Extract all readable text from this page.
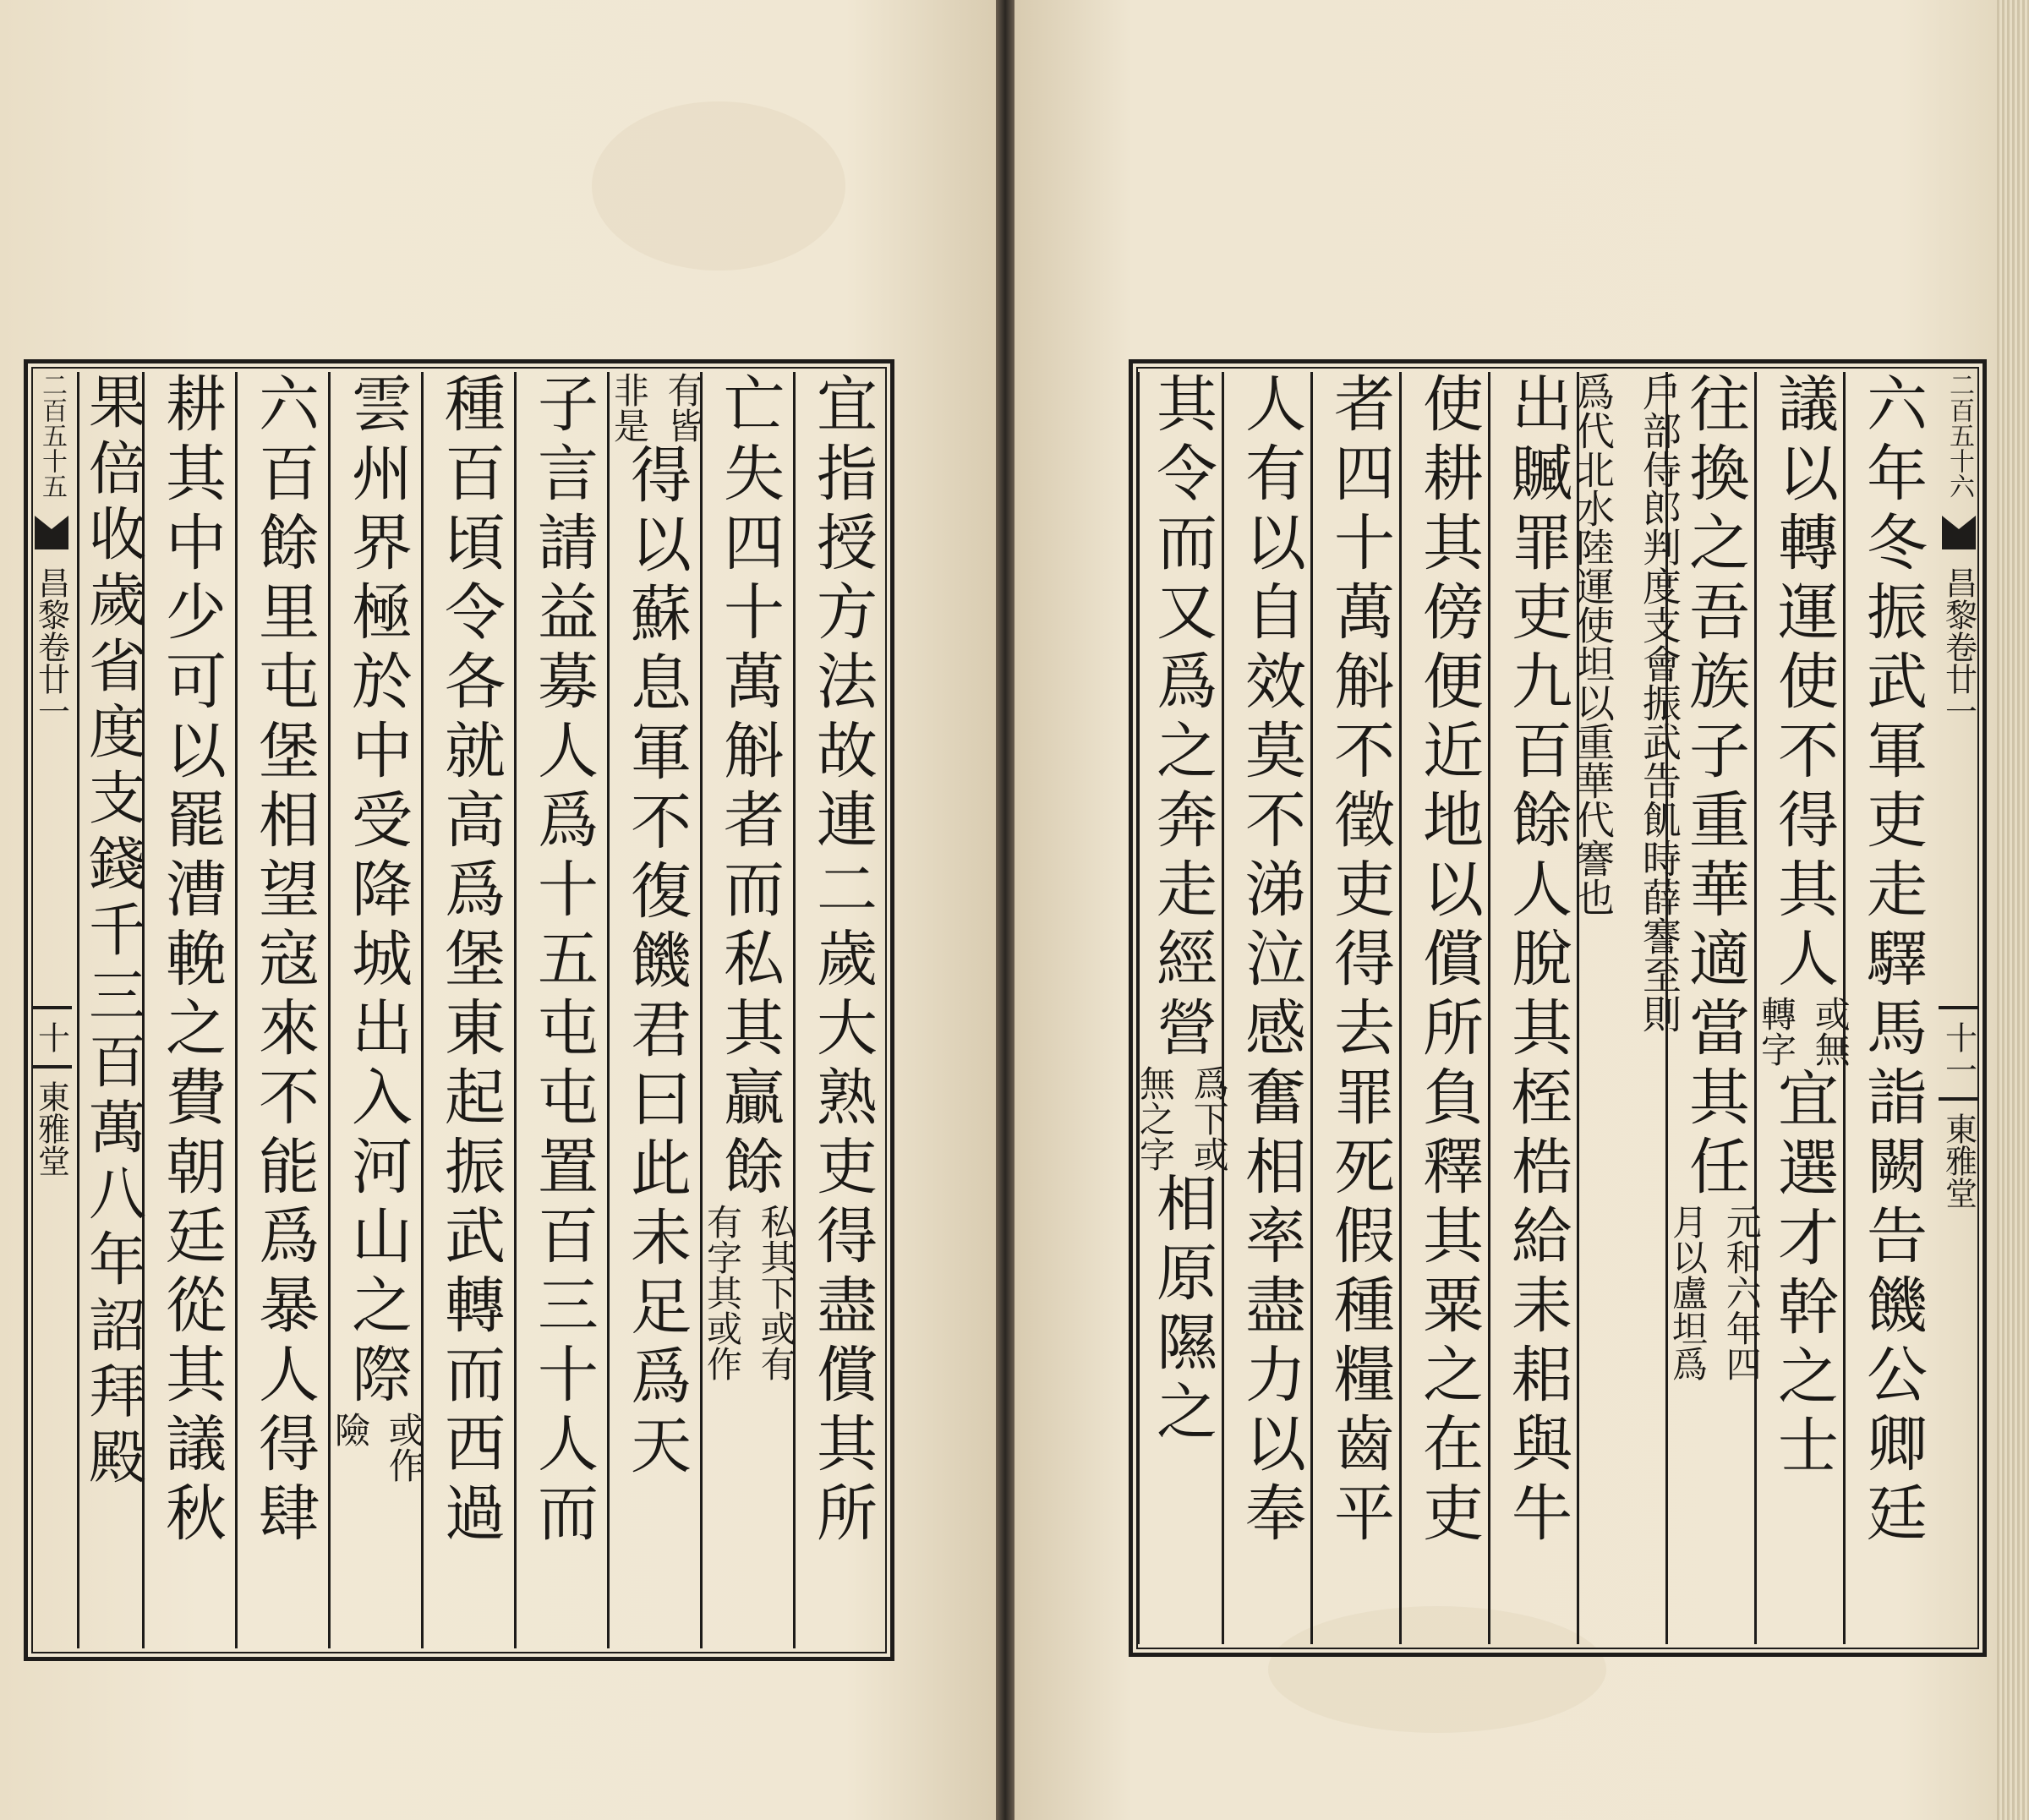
二百五十五
昌黎卷廿一
十
東雅堂	宜指授方法故連二歲大熟吏得盡償其所
亡失四十萬斛者而私其贏餘
私其下或有
有字其或作
有皆
非是
得以蘇息軍不復饑君曰此未足爲天
子言請益募人爲十五屯屯置百三十人而
種百頃令各就高爲堡東起振武轉而西過
雲州界極於中受降城出入河山之際
或作
險
六百餘里屯堡相望寇來不能爲暴人得肆
耕其中少可以罷漕輓之費朝廷從其議秋
果倍收歲省度支錢千三百萬八年詔拜殿	二百五十六
昌黎卷廿一
十一
東雅堂
六年冬振武軍吏走驛馬詣闕告饑公卿廷
議以轉運使不得其人
或無
轉字
宜選才幹之士
往換之吾族子重華適當其任
元和六年四
月以盧坦爲
戶部侍郎判度支會振武告飢時薛謇至則
爲代北水陸運使坦以重華代謇也
出贓罪吏九百餘人脫其桎梏給耒耜與牛
使耕其傍便近地以償所負釋其粟之在吏
者四十萬斛不徵吏得去罪死假種糧齒平
人有以自效莫不涕泣感奮相率盡力以奉
其令而又爲之奔走經營
爲下或
無之字
相原隰之
